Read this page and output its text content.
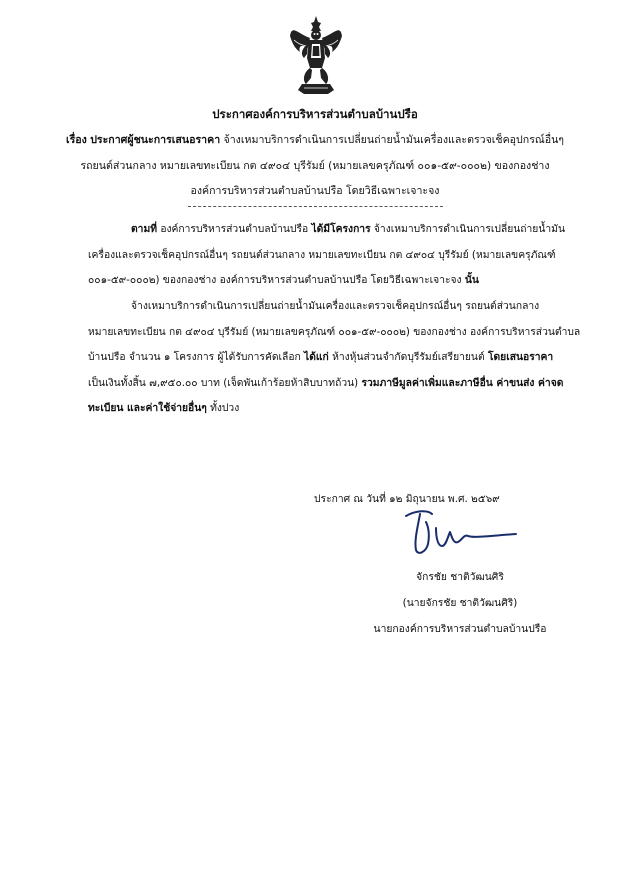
ประกาศองค์การบริหารส่วนตำบลบ้านปรือ
เรื่อง ประกาศผู้ชนะการเสนอราคา จ้างเหมาบริการดำเนินการเปลี่ยนถ่ายน้ำมันเครื่องและตรวจเช็คอุปกรณ์อื่นๆ
รถยนต์ส่วนกลาง หมายเลขทะเบียน กต ๔๙๐๔ บุรีรัมย์ (หมายเลขครุภัณฑ์ ๐๐๑-๕๙-๐๐๐๒) ของกองช่าง
องค์การบริหารส่วนตำบลบ้านปรือ โดยวิธีเฉพาะเจาะจง
ตามที่ องค์การบริหารส่วนตำบลบ้านปรือ ได้มีโครงการ จ้างเหมาบริการดำเนินการเปลี่ยนถ่ายน้ำมัน
เครื่องและตรวจเช็คอุปกรณ์อื่นๆ รถยนต์ส่วนกลาง หมายเลขทะเบียน กต ๔๙๐๔ บุรีรัมย์ (หมายเลขครุภัณฑ์
๐๐๑-๕๙-๐๐๐๒) ของกองช่าง องค์การบริหารส่วนตำบลบ้านปรือ โดยวิธีเฉพาะเจาะจง นั้น
จ้างเหมาบริการดำเนินการเปลี่ยนถ่ายน้ำมันเครื่องและตรวจเช็คอุปกรณ์อื่นๆ รถยนต์ส่วนกลาง
หมายเลขทะเบียน กต ๔๙๐๔ บุรีรัมย์ (หมายเลขครุภัณฑ์ ๐๐๑-๕๙-๐๐๐๒) ของกองช่าง องค์การบริหารส่วนตำบล
บ้านปรือ จำนวน ๑ โครงการ ผู้ได้รับการคัดเลือก ได้แก่ ห้างหุ้นส่วนจำกัดบุรีรัมย์เสรียายนต์ โดยเสนอราคา
เป็นเงินทั้งสิ้น ๗,๙๕๐.๐๐ บาท (เจ็ดพันเก้าร้อยห้าสิบบาทถ้วน) รวมภาษีมูลค่าเพิ่มและภาษีอื่น ค่าขนส่ง ค่าจด
ทะเบียน และค่าใช้จ่ายอื่นๆ ทั้งปวง
ประกาศ ณ วันที่ ๑๒ มิถุนายน พ.ศ. ๒๕๖๙
จักรชัย ชาติวัฒนศิริ
(นายจักรชัย ชาติวัฒนศิริ)
นายกองค์การบริหารส่วนตำบลบ้านปรือ
